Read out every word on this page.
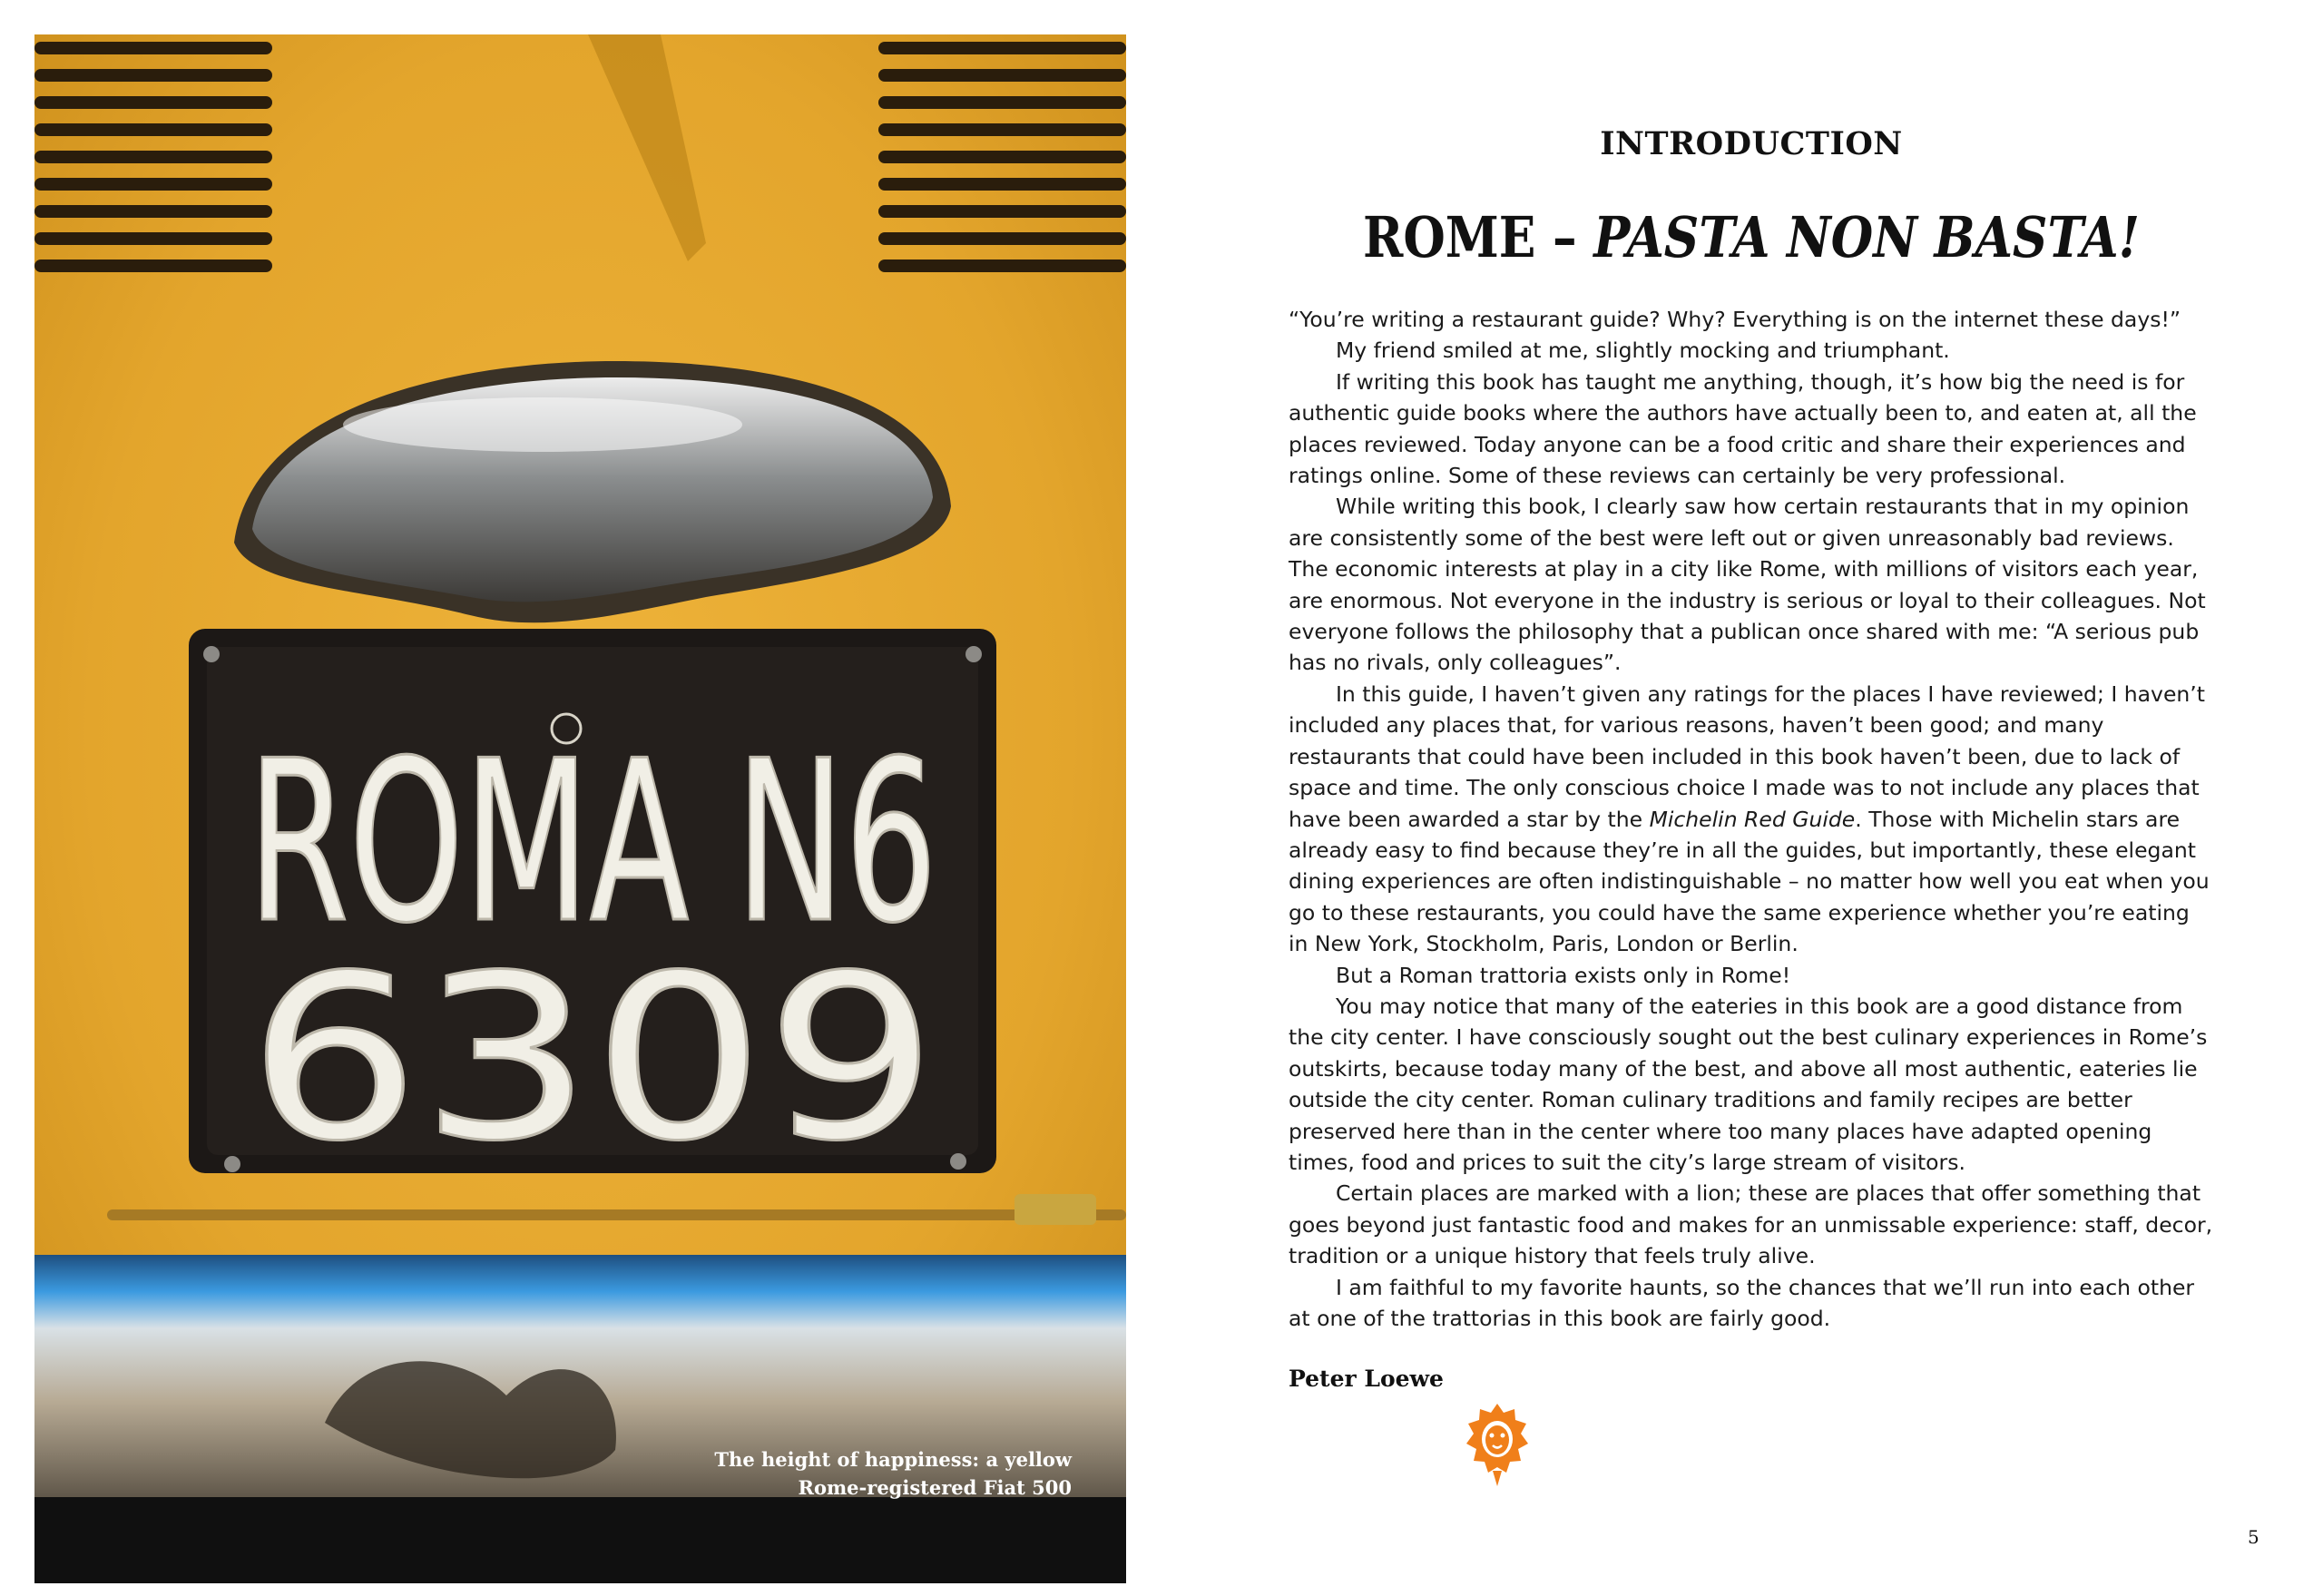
ROMA N6
6309
The height of happiness: a yellow
Rome-registered Fiat 500
INTRODUCTION
ROME – PASTA NON BASTA!

“You’re writing a restaurant guide? Why? Everything is on the internet these days!”

My friend smiled at me, slightly mocking and triumphant.

If writing this book has taught me anything, though, it’s how big the need is for authentic guide books where the authors have actually been to, and eaten at, all the places reviewed. Today anyone can be a food critic and share their experiences and ratings online. Some of these reviews can certainly be very professional.

While writing this book, I clearly saw how certain restaurants that in my opinion are consistently some of the best were left out or given unreasonably bad reviews. The economic interests at play in a city like Rome, with millions of visitors each year, are enormous. Not everyone in the industry is serious or loyal to their colleagues. Not everyone follows the philosophy that a publican once shared with me: “A serious pub has no rivals, only colleagues”.

In this guide, I haven’t given any ratings for the places I have reviewed; I haven’t included any places that, for various reasons, haven’t been good; and many restaurants that could have been included in this book haven’t been, due to lack of space and time. The only conscious choice I made was to not include any places that have been awarded a star by the Michelin Red Guide. Those with Michelin stars are already easy to find because they’re in all the guides, but importantly, these elegant dining experiences are often indistinguishable – no matter how well you eat when you go to these restaurants, you could have the same experience whether you’re eating in New York, Stockholm, Paris, London or Berlin.

But a Roman trattoria exists only in Rome!

You may notice that many of the eateries in this book are a good distance from the city center. I have consciously sought out the best culinary experiences in Rome’s outskirts, because today many of the best, and above all most authentic, eateries lie outside the city center. Roman culinary traditions and family recipes are better preserved here than in the center where too many places have adapted opening times, food and prices to suit the city’s large stream of visitors.

Certain places are marked with a lion; these are places that offer something that goes beyond just fantastic food and makes for an unmissable experience: staff, decor, tradition or a unique history that feels truly alive.

I am faithful to my favorite haunts, so the chances that we’ll run into each other at one of the trattorias in this book are fairly good.

Peter Loewe
5
